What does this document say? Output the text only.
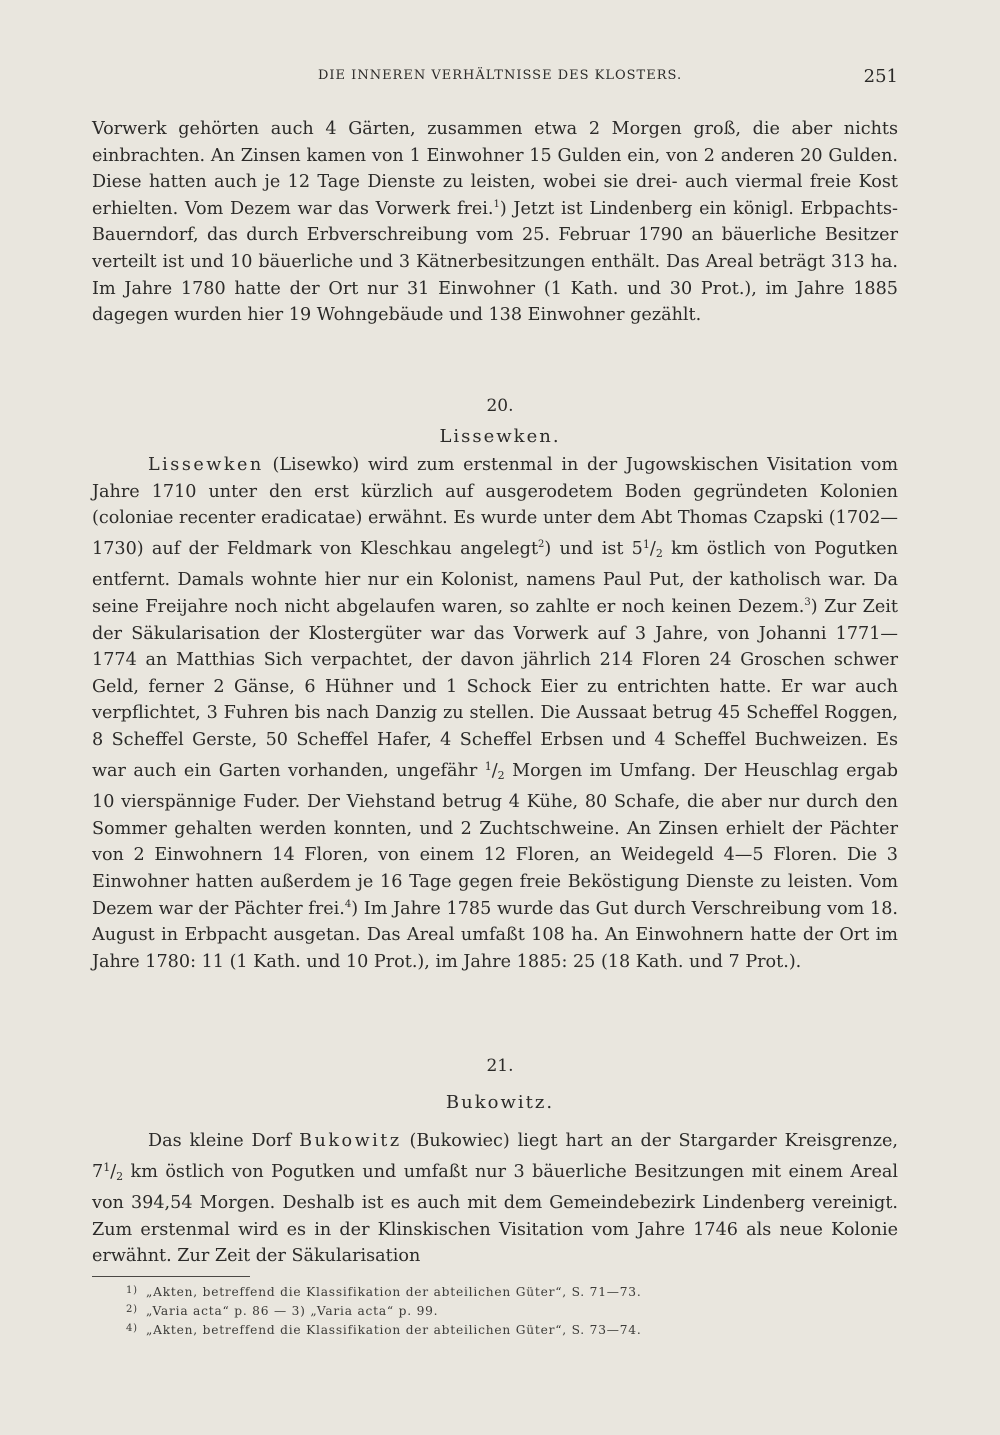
DIE INNEREN VERHÄLTNISSE DES KLOSTERS.	251

Vorwerk gehörten auch 4 Gärten, zusammen etwa 2 Morgen groß, die aber nichts einbrachten. An Zinsen kamen von 1 Einwohner 15 Gulden ein, von 2 anderen 20 Gulden. Diese hatten auch je 12 Tage Dienste zu leisten, wobei sie drei- auch viermal freie Kost erhielten. Vom Dezem war das Vorwerk frei.$^1$) Jetzt ist Lindenberg ein königl. Erbpachts-Bauerndorf, das durch Erbverschreibung vom 25. Februar 1790 an bäuerliche Besitzer verteilt ist und 10 bäuerliche und 3 Kätnerbesitzungen enthält. Das Areal beträgt 313 ha. Im Jahre 1780 hatte der Ort nur 31 Einwohner (1 Kath. und 30 Prot.), im Jahre 1885 dagegen wurden hier 19 Wohngebäude und 138 Einwohner gezählt.

20.
Lissewken.

Lissewken (Lisewko) wird zum erstenmal in der Jugowskischen Visitation vom Jahre 1710 unter den erst kürzlich auf ausgerodetem Boden gegründeten Kolonien (coloniae recenter eradicatae) erwähnt. Es wurde unter dem Abt Thomas Czapski (1702—1730) auf der Feldmark von Kleschkau angelegt$^2$) und ist $5^1/2$ km östlich von Pogutken entfernt. Damals wohnte hier nur ein Kolonist, namens Paul Put, der katholisch war. Da seine Freijahre noch nicht abgelaufen waren, so zahlte er noch keinen Dezem.$^3$) Zur Zeit der Säkularisation der Klostergüter war das Vorwerk auf 3 Jahre, von Johanni 1771—1774 an Matthias Sich verpachtet, der davon jährlich 214 Floren 24 Groschen schwer Geld, ferner 2 Gänse, 6 Hühner und 1 Schock Eier zu entrichten hatte. Er war auch verpflichtet, 3 Fuhren bis nach Danzig zu stellen. Die Aussaat betrug 45 Scheffel Roggen, 8 Scheffel Gerste, 50 Scheffel Hafer, 4 Scheffel Erbsen und 4 Scheffel Buchweizen. Es war auch ein Garten vorhanden, ungefähr $^1$/2 Morgen im Umfang. Der Heuschlag ergab 10 vierspännige Fuder. Der Viehstand betrug 4 Kühe, 80 Schafe, die aber nur durch den Sommer gehalten werden konnten, und 2 Zuchtschweine. An Zinsen erhielt der Pächter von 2 Einwohnern 14 Floren, von einem 12 Floren, an Weidegeld 4—5 Floren. Die 3 Einwohner hatten außerdem je 16 Tage gegen freie Beköstigung Dienste zu leisten. Vom Dezem war der Pächter frei.$^4$) Im Jahre 1785 wurde das Gut durch Verschreibung vom 18. August in Erbpacht ausgetan. Das Areal umfaßt 108 ha. An Einwohnern hatte der Ort im Jahre 1780: 11 (1 Kath. und 10 Prot.), im Jahre 1885: 25 (18 Kath. und 7 Prot.).

21.
Bukowitz.

Das kleine Dorf Bukowitz (Bukowiec) liegt hart an der Stargarder Kreisgrenze, $7^1/2$ km östlich von Pogutken und umfaßt nur 3 bäuerliche Besitzungen mit einem Areal von 394,54 Morgen. Deshalb ist es auch mit dem Gemeindebezirk Lindenberg vereinigt. Zum erstenmal wird es in der Klinskischen Visitation vom Jahre 1746 als neue Kolonie erwähnt. Zur Zeit der Säkularisation

1) „Akten, betreffend die Klassifikation der abteilichen Güter“, S. 71—73.

2) „Varia acta“ p. 86 — 3) „Varia acta“ p. 99.

4) „Akten, betreffend die Klassifikation der abteilichen Güter“, S. 73—74.
